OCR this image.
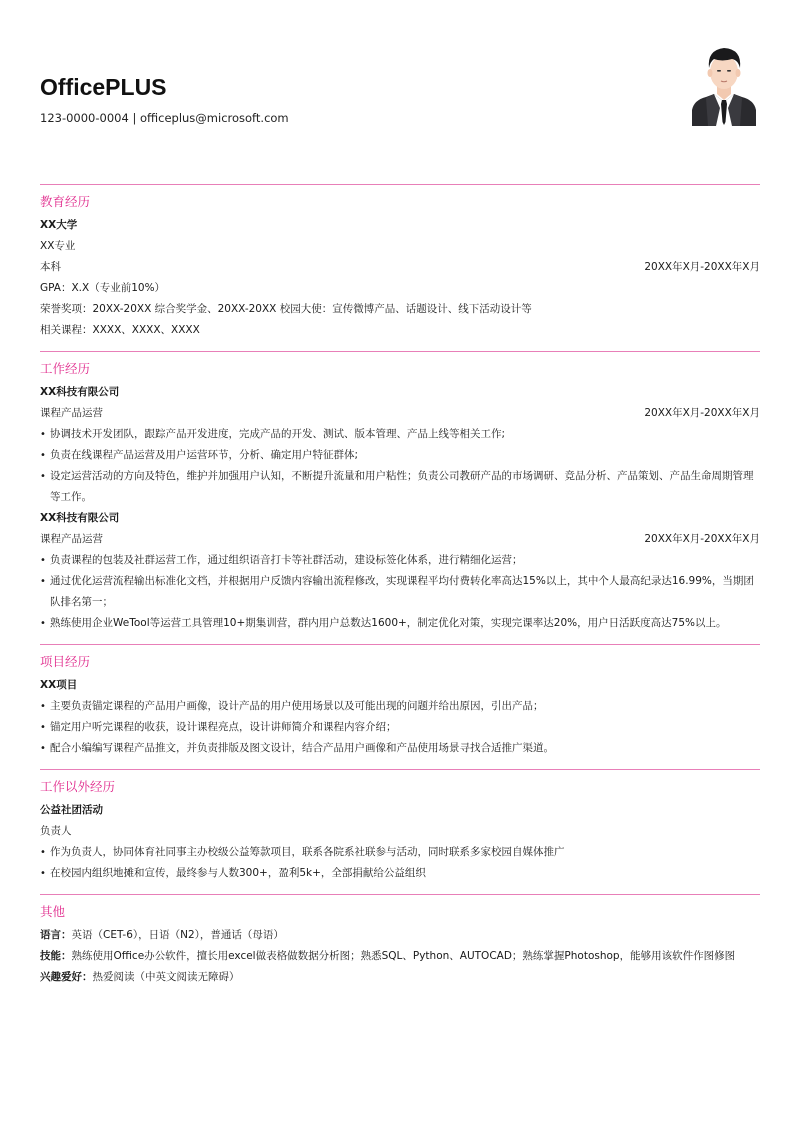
OfficePLUS
123-0000-0004 | officeplus@microsoft.com
教育经历
XX大学
XX专业
本科	20XX年X月-20XX年X月
GPA：X.X（专业前10%）
荣誉奖项：20XX-20XX 综合奖学金、20XX-20XX 校园大使：宣传微博产品、话题设计、线下活动设计等
相关课程：XXXX、XXXX、XXXX
工作经历
XX科技有限公司
课程产品运营	20XX年X月-20XX年X月
• 协调技术开发团队，跟踪产品开发进度，完成产品的开发、测试、版本管理、产品上线等相关工作;
• 负责在线课程产品运营及用户运营环节，分析、确定用户特征群体;
• 设定运营活动的方向及特色，维护并加强用户认知，不断提升流量和用户粘性；负责公司教研产品的市场调研、竞品分析、产品策划、产品生命周期管理等工作。
XX科技有限公司
课程产品运营	20XX年X月-20XX年X月
• 负责课程的包装及社群运营工作，通过组织语音打卡等社群活动，建设标签化体系，进行精细化运营；
• 通过优化运营流程输出标准化文档，并根据用户反馈内容输出流程修改，实现课程平均付费转化率高达15%以上，其中个人最高纪录达16.99%，当期团队排名第一；
• 熟练使用企业WeTool等运营工具管理10+期集训营，群内用户总数达1600+，制定优化对策，实现完课率达20%，用户日活跃度高达75%以上。
项目经历
XX项目
• 主要负责锚定课程的产品用户画像，设计产品的用户使用场景以及可能出现的问题并给出原因，引出产品；
• 锚定用户听完课程的收获，设计课程亮点，设计讲师简介和课程内容介绍；
• 配合小编编写课程产品推文，并负责排版及图文设计，结合产品用户画像和产品使用场景寻找合适推广渠道。
工作以外经历
公益社团活动
负责人
• 作为负责人，协同体育社同事主办校级公益筹款项目，联系各院系社联参与活动，同时联系多家校园自媒体推广
• 在校园内组织地摊和宣传，最终参与人数300+，盈利5k+，全部捐献给公益组织
其他
语言：英语（CET-6），日语（N2），普通话（母语）
技能：熟练使用Office办公软件，擅长用excel做表格做数据分析图；熟悉SQL、Python、AUTOCAD；熟练掌握Photoshop，能够用该软件作图修图
兴趣爱好：热爱阅读（中英文阅读无障碍）
